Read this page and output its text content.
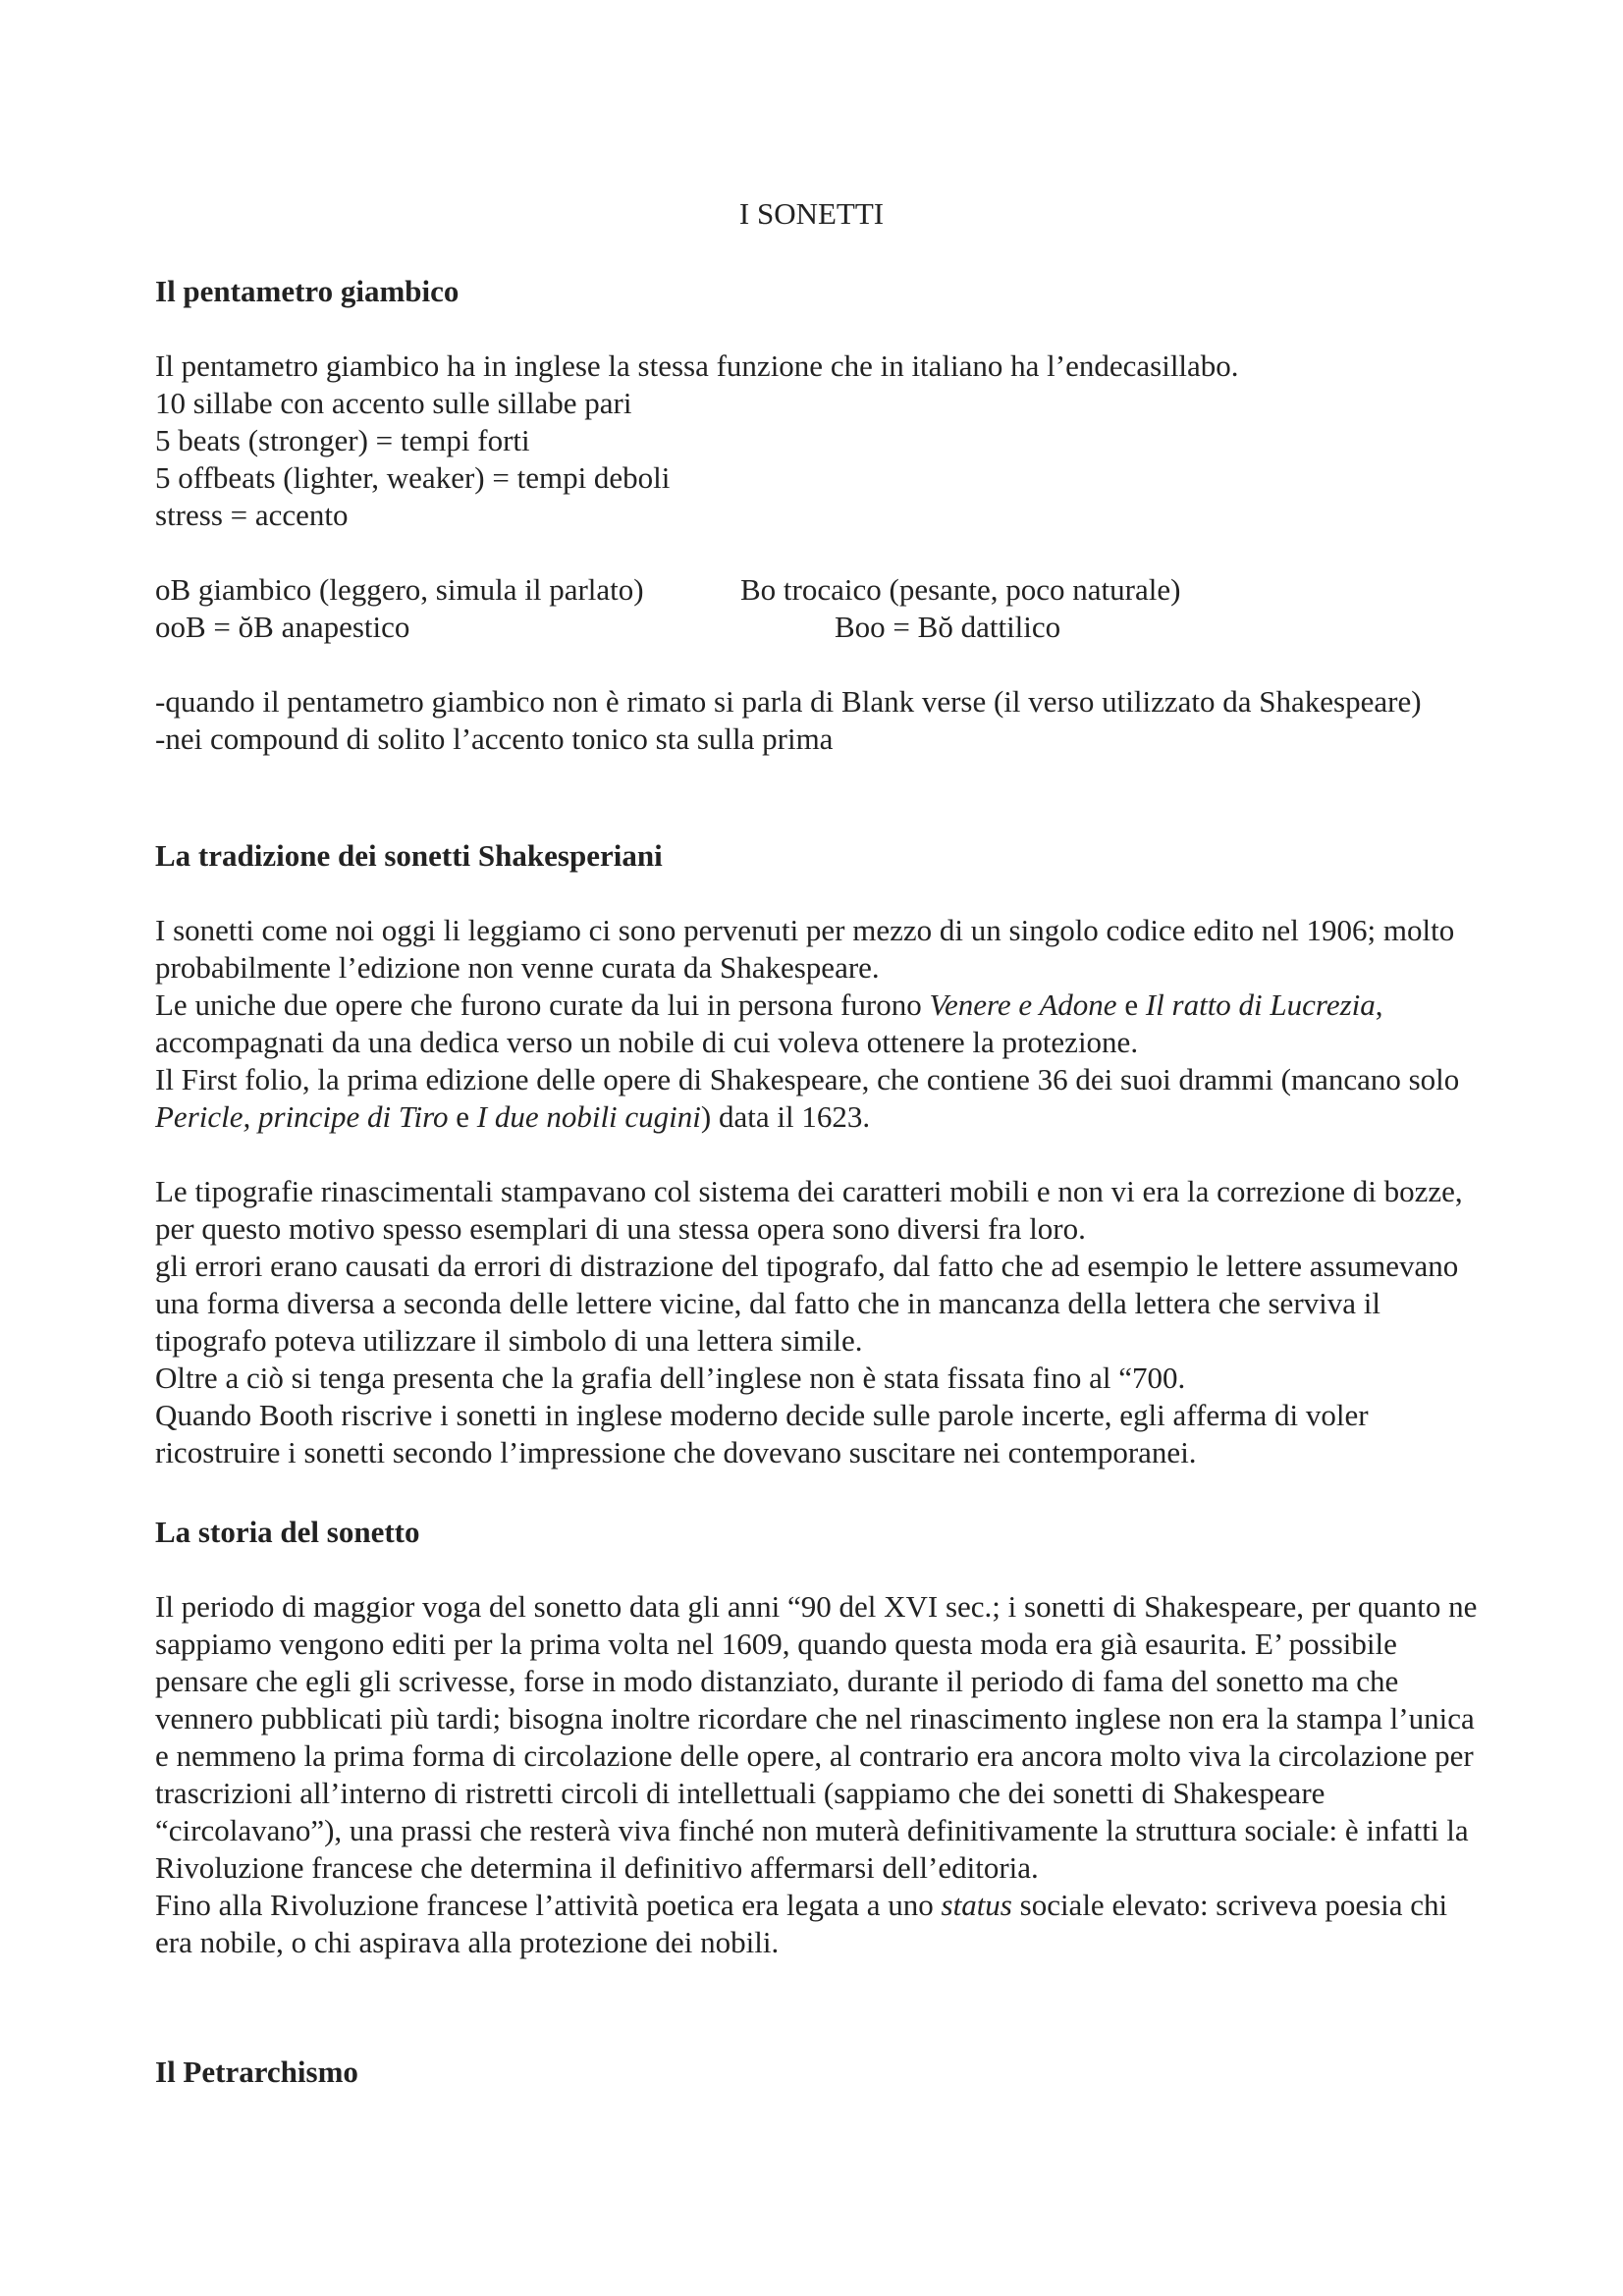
I SONETTI

Il pentametro giambico

Il pentametro giambico ha in inglese la stessa funzione che in italiano ha l’endecasillabo.

10 sillabe con accento sulle sillabe pari

5 beats (stronger) = tempi forti

5 offbeats (lighter, weaker) = tempi deboli

stress = accento

oB giambico (leggero, simula il parlato)	Bo trocaico (pesante, poco naturale)
ooB = ŏB anapestico	Boo = Bŏ dattilico

-quando il pentametro giambico non è rimato si parla di Blank verse (il verso utilizzato da Shakespeare)

-nei compound di solito l’accento tonico sta sulla prima

La tradizione dei sonetti Shakesperiani

I sonetti come noi oggi li leggiamo ci sono pervenuti per mezzo di un singolo codice edito nel 1906; molto probabilmente l’edizione non venne curata da Shakespeare.

Le uniche due opere che furono curate da lui in persona furono Venere e Adone e Il ratto di Lucrezia, accompagnati da una dedica verso un nobile di cui voleva ottenere la protezione.

Il First folio, la prima edizione delle opere di Shakespeare, che contiene 36 dei suoi drammi (mancano solo Pericle, principe di Tiro e I due nobili cugini) data il 1623.

Le tipografie rinascimentali stampavano col sistema dei caratteri mobili e non vi era la correzione di bozze, per questo motivo spesso esemplari di una stessa opera sono diversi fra loro.

gli errori erano causati da errori di distrazione del tipografo, dal fatto che ad esempio le lettere assumevano una forma diversa a seconda delle lettere vicine, dal fatto che in mancanza della lettera che serviva il tipografo poteva utilizzare il simbolo di una lettera simile.

Oltre a ciò si tenga presenta che la grafia dell’inglese non è stata fissata fino al “700.

Quando Booth riscrive i sonetti in inglese moderno decide sulle parole incerte, egli afferma di voler ricostruire i sonetti secondo l’impressione che dovevano suscitare nei contemporanei.

La storia del sonetto

Il periodo di maggior voga del sonetto data gli anni “90 del XVI sec.; i sonetti di Shakespeare, per quanto ne sappiamo vengono editi per la prima volta nel 1609, quando questa moda era già esaurita. E’ possibile pensare che egli gli scrivesse, forse in modo distanziato, durante il periodo di fama del sonetto ma che vennero pubblicati più tardi; bisogna inoltre ricordare che nel rinascimento inglese non era la stampa l’unica e nemmeno la prima forma di circolazione delle opere, al contrario era ancora molto viva la circolazione per trascrizioni all’interno di ristretti circoli di intellettuali (sappiamo che dei sonetti di Shakespeare “circolavano”), una prassi che resterà viva finché non muterà definitivamente la struttura sociale: è infatti la Rivoluzione francese che determina il definitivo affermarsi dell’editoria.

Fino alla Rivoluzione francese l’attività poetica era legata a uno status sociale elevato: scriveva poesia chi era nobile, o chi aspirava alla protezione dei nobili.

Il Petrarchismo
